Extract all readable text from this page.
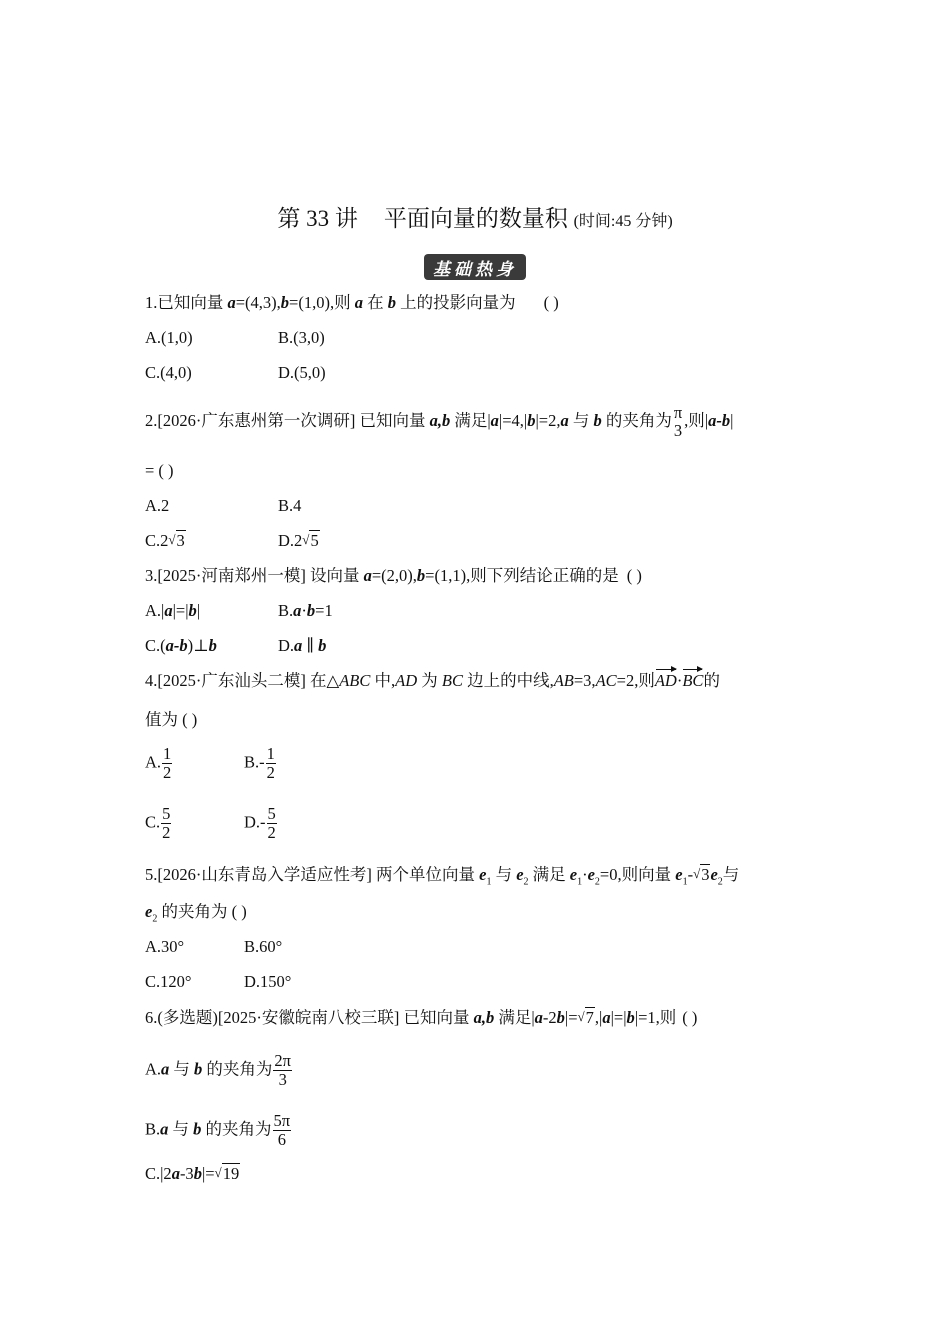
第 33 讲 平面向量的数量积 (时间:45 分钟)
基础热身
1.已知向量 a=(4,3),b=(1,0),则 a 在 b 上的投影向量为 ( )
A.(1,0)	B.(3,0)
C.(4,0)	D.(5,0)
2.[2026·广东惠州第一次调研] 已知向量 a,b 满足|a|=4,|b|=2,a 与 b 的夹角为 π
3
,则|a-b|
= ( )
A.2	B.4
C.2√3	D.2√5
3.[2025·河南郑州一模] 设向量 a=(2,0),b=(1,1),则下列结论正确的是 ( )
A.|a|=|b|	B.a·b=1
C.(a-b)⊥b	D.a ∥ b
4.[2025·广东汕头二模] 在△ABC 中,AD 为 BC 边上的中线,AB=3,AC=2,则AD·BC的
值为 ( )
A. $\frac{1}{2}$	$B.- \frac{1}{2}$
C. $\frac{5}{2}$	$D.- \frac{5}{2}$
5.[2026·山东青岛入学适应性考] 两个单位向量 $e_1$ 与 $e_2$ 满足 $e_1\cdot e_2=0$,则向量 $e_1-^√3e_2$与
$e_2$ 的夹角为 ( )
A.30°	B.60°
C.120°	D.150°
6.(多选题)[2025·安徽皖南八校三联] 已知向量 a,b 满足|a-2b|=√7,|a|=|b|=1,则 ( )
A.a 与 b 的夹角为 $\frac{2\pi}{3}$
B.a 与 b 的夹角为 $\frac{5\pi}{6}$
C.|2a-3b|=√19
